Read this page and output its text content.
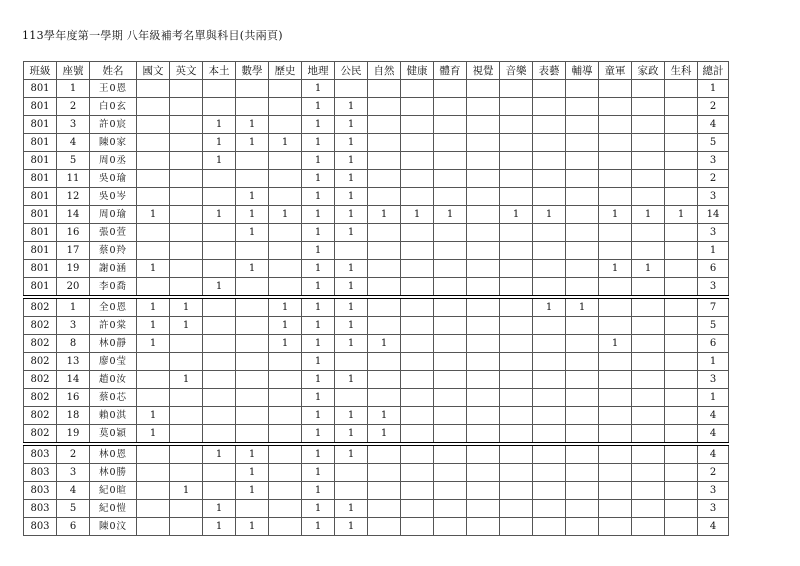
113學年度第一學期 八年級補考名單與科目(共兩頁)
班級	座號	姓名	國文	英文	本土	數學	歷史	地理	公民	自然	健康	體育	視覺	音樂	表藝	輔導	童軍	家政	生科	總計
801	1	王0恩						1												1
801	2	白0玄						1	1											2
801	3	許0宸			1	1		1	1											4
801	4	陳0家			1	1	1	1	1											5
801	5	周0丞			1			1	1											3
801	11	吳0瑜						1	1											2
801	12	吳0岑				1		1	1											3
801	14	周0瑜	1		1	1	1	1	1	1	1	1		1	1		1	1	1	14
801	16	張0萱				1		1	1											3
801	17	蔡0羚						1												1
801	19	謝0涵	1			1		1	1								1	1		6
801	20	李0喬			1			1	1											3
802	1	全0恩	1	1			1	1	1						1	1				7
802	3	許0棠	1	1			1	1	1											5
802	8	林0靜	1				1	1	1	1							1			6
802	13	廖0莹						1												1
802	14	趙0汝		1				1	1											3
802	16	蔡0芯						1												1
802	18	賴0淇	1					1	1	1										4
802	19	莫0穎	1					1	1	1										4
803	2	林0恩			1	1		1	1											4
803	3	林0勝				1		1												2
803	4	紀0暄		1		1		1												3
803	5	紀0愷			1			1	1											3
803	6	陳0汶			1	1		1	1											4
